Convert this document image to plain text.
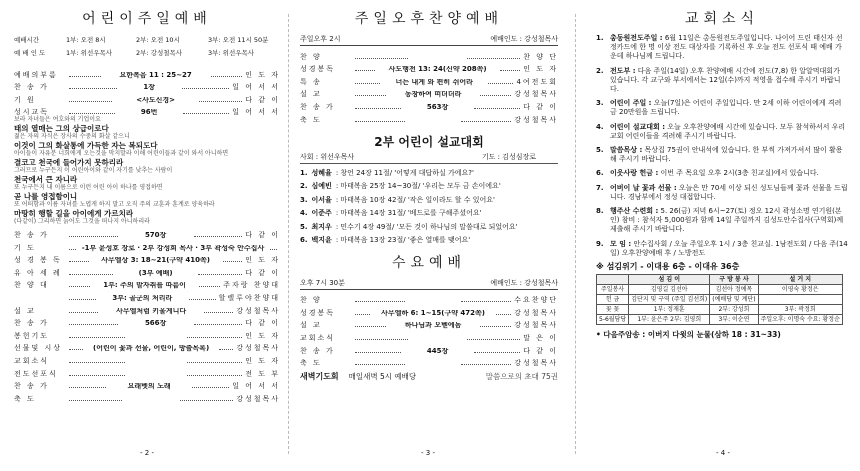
어린이주일예배
예배시간	1부: 오전 8시	2부: 오전 10시	3부: 오전 11시 50분
예 배 인 도	1부: 위선우목사	2부: 강성철목사	3부: 위선우목사
예배의부름	요한복음 11 : 25~27	인 도 자
찬 송 가	1장	일 어 서 서
기 원	<사도신경>	다 같 이
성시교독	96번	일 어 서 서
보라 자녀들은 여호와의 기업이요
태의 열매는 그의 상급이로다
젊은 자의 자식은 장사의 수중의 화살 같으니
이것이 그의 화살통에 가득한 자는 복되도다
아이들이 자유분 너희에게 오는것을 막지말라 이해 어린이들과 같이 와서 아니하면
결코고 천국에 들어가지 못하리라
그러므로 누구든지 이 어린아이와 같이 자기를 낮추는 사람이
천국에서 큰 자니라
또 누구든지 내 이름으로 이런 어린 아이 하나를 영접하면
곧 나를 영접함이니
또 어떠함과 이름 자녀를 노엽게 하지 말고 오직 주의 교훈과 훈계로 양육하라
마땅히 행할 길을 아이에게 가르치라
(다같이) 그리하면 늙어도 그것을 떠나지 아니하리라
찬 송 가	570장	다 같 이
기 도	-1부 윤성호 장로 · 2부 강성희 목사 · 3부 곽성숙 안수집사
성 경 봉 독	사무엘상 3: 18~21(구약 410쪽)	인 도 자
유 아 세 례	(3부 예배)	다 같 이
찬 양 대	1부: 주의 발자취를 따름이	주자랑 찬양대
3부: 골군의 처리라	할렐루야찬양대
설 교	사무엘처럼 키울게니다	강성철목사
찬 송 가	566장	다 같 이
봉헌기도	인 도 자
선물및 시상	(어린이 꽃과 선물, 어린이, 방출목록)	강성철목사
교회소식	인 도 자
전도선포식	전 도 부
찬 송 가	요래벳의 노래	일 어 서 서
축 도	강성철목사
- 2 -
주일오후찬양예배
주일오후 2시	예배인도 : 강성철목사
찬 양	찬 양 단
성경봉독	사도행전 13: 24(신약 208쪽)	인 도 자
특 송	너는 내게 와 편히 쉬어라	4여전도회
설 교	동창하여 떠더더라	강성철목사
찬 송 가	563장	다 같 이
축 도	강성철목사
2부 어린이 설교대회
사회 : 위선우목사	기도 : 김성심장로
1. 성혜율 : 창언 24장 11절/ '어떻게 대답하실 가에요?'
2. 심예빈 : 마태복음 25장 14~30절/ '우리는 모두 금 손이에요'
3. 이서율 : 마태복음 10장 42절/ '작은 일이라도 할 수 있어요'
4. 이준주 : 마태복음 14장 31절/ '베드로를 구해주셨어요'
5. 최지우 : 민수기 4장 49절/ '모든 것이 하나님의 말씀대로 되었어요'
6. 백지윤 : 마태복음 13장 23절/ '좋은 열매를 맺어요'
수요예배
오후 7시 30분	예배인도 : 강성철목사
찬 양	수요찬양단
성경봉독	사무엘하 6: 1~15(구약 472쪽)	강성철목사
설 교	하나님과 오벧에돔	강성철목사
교회소식	말 은 이
찬 송 가	445장	다 같 이
축 도	강성철목사
새벽기도회 매일새벽 5시 예배당	말씀으로의 초대 75권
- 3 -
교회소식
1. 총동원전도주일 : 6월 11일은 총동원전도주일입니다. 나이어 드린 태신자 선정카드에 한 명 이상 전도 대상자를 기록하신 후 오늘 전도 선포식 때 예배 가운데 하나님께 드립니다.
2. 전도부 : 다음 주일(14일) 오후 찬양예배 시간에 전도(7,8) 한 알알먹대회가 있습니다. 각 교구와 부서에서는 12일(수)까지 적영을 접수해 주시기 바랍니다.
3. 어린이 주일 : 오늘(7일)은 어린이 주일입니다. 만 2세 이하 어린이에게 격려금 20만원을 드립니다.
4. 어린이 설교대회 : 오늘 오후찬양예배 시간에 있습니다. 모두 참석하셔서 우리 교회 어린이들을 격려해 주시기 바랍니다.
5. 말씀목상 : 목상집 75권이 안내석에 있습니다. 한 부씩 가져가셔서 많이 활용해 주시기 바랍니다.
6. 이웃사랑 헌금 : 이번 주 목요일 오후 2시(3층 친교실)에서 있습니다.
7. 어버이 날 꽃과 선물 : 오늘은 만 70세 이상 되신 성도님들께 꽃과 선물을 드립니다. 경남부에서 정성 대접합니다.
8. 행주산 수련회 : 5. 26(금) 저녁 6시~27(토) 정오 12시 곽성소명 연기원(본인) 참비 : 참석자 5,000원과 함께 14일 주일까지 김성도안수집사(구역회)께 제출해 주시기 바랍니다.
9. 모 임 : 안수집사회 / 오늘 주일오후 1시 / 3층 친교실. 1남전도회 / 다음 주(14일) 오후찬양예배 후 / 노방전도
※ 섬김위기 - 이대용 6층 - 이대유 36층
	섬 김 이	구 방 봉 사	설 거 지
주일봉사	김영길 김선아	김선아 정예목	이영숙 황정은
헌 금	김단지 및 구역 (주일 김선희)	(예배당 및 계단)	
꽃 꽂	1부: 정재훈	2부: 강성희	3부: 곽정희
5-6월담당	1부: 윤은주 2부: 김영희	3부: 이순연	주일오후: 이명숙 수요: 황정순
• 다음주암송 : 이버지 다윗의 눈물(삼하 18 : 31~33)
- 4 -
